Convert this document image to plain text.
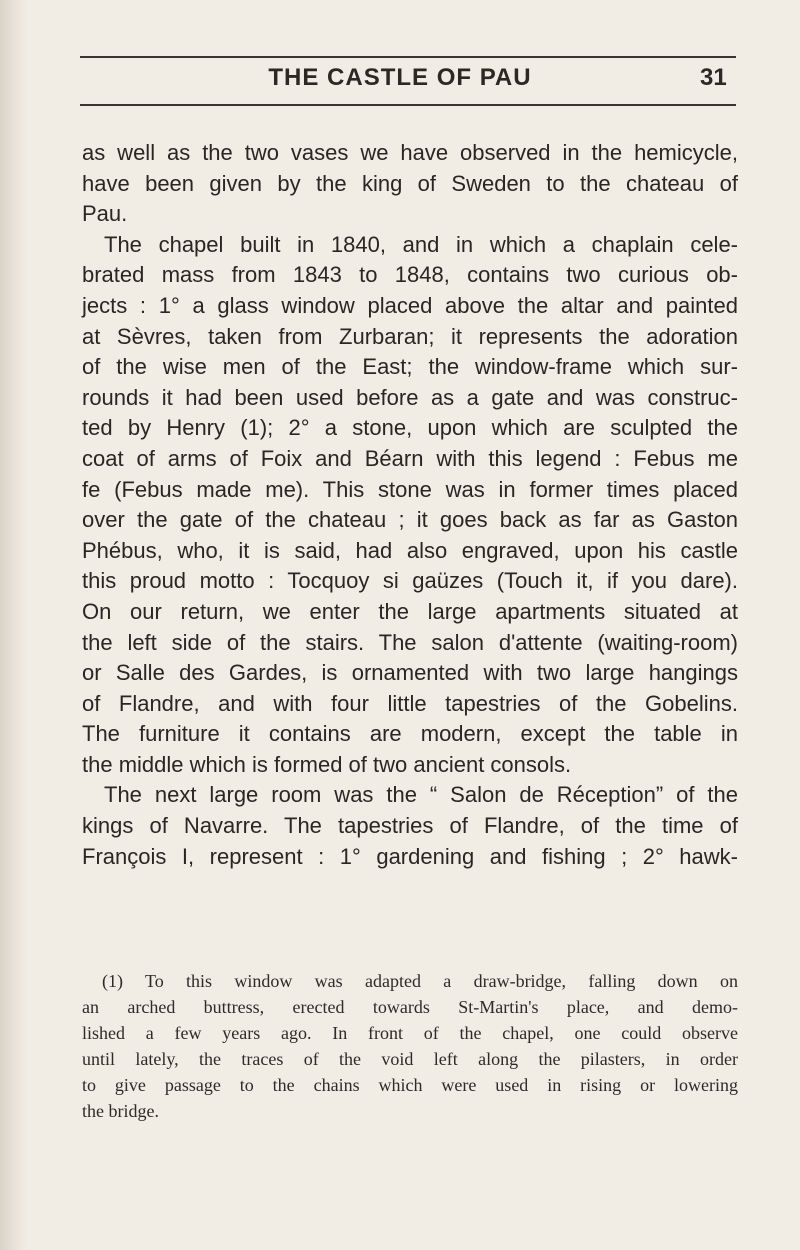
THE CASTLE OF PAU	31
as well as the two vases we have observed in the hemicycle,
have been given by the king of Sweden to the chateau of
Pau.
The chapel built in 1840, and in which a chaplain cele-
brated mass from 1843 to 1848, contains two curious ob-
jects : 1° a glass window placed above the altar and painted
at Sèvres, taken from Zurbaran; it represents the adoration
of the wise men of the East; the window-frame which sur-
rounds it had been used before as a gate and was construc-
ted by Henry (1); 2° a stone, upon which are sculpted the
coat of arms of Foix and Béarn with this legend : Febus me
fe (Febus made me). This stone was in former times placed
over the gate of the chateau ; it goes back as far as Gaston
Phébus, who, it is said, had also engraved, upon his castle
this proud motto : Tocquoy si gaüzes (Touch it, if you dare).
On our return, we enter the large apartments situated at
the left side of the stairs. The salon d'attente (waiting-room)
or Salle des Gardes, is ornamented with two large hangings
of Flandre, and with four little tapestries of the Gobelins.
The furniture it contains are modern, except the table in
the middle which is formed of two ancient consols.
The next large room was the “ Salon de Réception” of the
kings of Navarre. The tapestries of Flandre, of the time of
François I, represent : 1° gardening and fishing ; 2° hawk-
(1) To this window was adapted a draw-bridge, falling down on
an arched buttress, erected towards St-Martin's place, and demo-
lished a few years ago. In front of the chapel, one could observe
until lately, the traces of the void left along the pilasters, in order
to give passage to the chains which were used in rising or lowering
the bridge.
